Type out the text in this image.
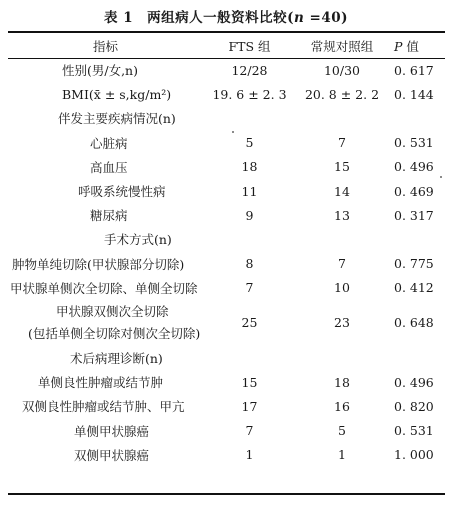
表 1 两组病人一般资料比较(n =40)
指标	FTS 组	常规对照组	P 值
性别(男/女,n)	12/28	10/30	0. 617
BMI(x̄ ± s,kg/m²)	19. 6 ± 2. 3	20. 8 ± 2. 2	0. 144
伴发主要疾病情况(n)			
心脏病	5	7	0. 531
高血压	18	15	0. 496
呼吸系统慢性病	11	14	0. 469
糖尿病	9	13	0. 317
手术方式(n)			
肿物单纯切除(甲状腺部分切除)	8	7	0. 775
甲状腺单侧次全切除、单侧全切除	7	10	0. 412

甲状腺双侧次全切除
(包括单侧全切除对侧次全切除)	25	23	0. 648
术后病理诊断(n)			
单侧良性肿瘤或结节肿	15	18	0. 496
双侧良性肿瘤或结节肿、甲亢	17	16	0. 820
单侧甲状腺癌	7	5	0. 531
双侧甲状腺癌	1	1	1. 000
